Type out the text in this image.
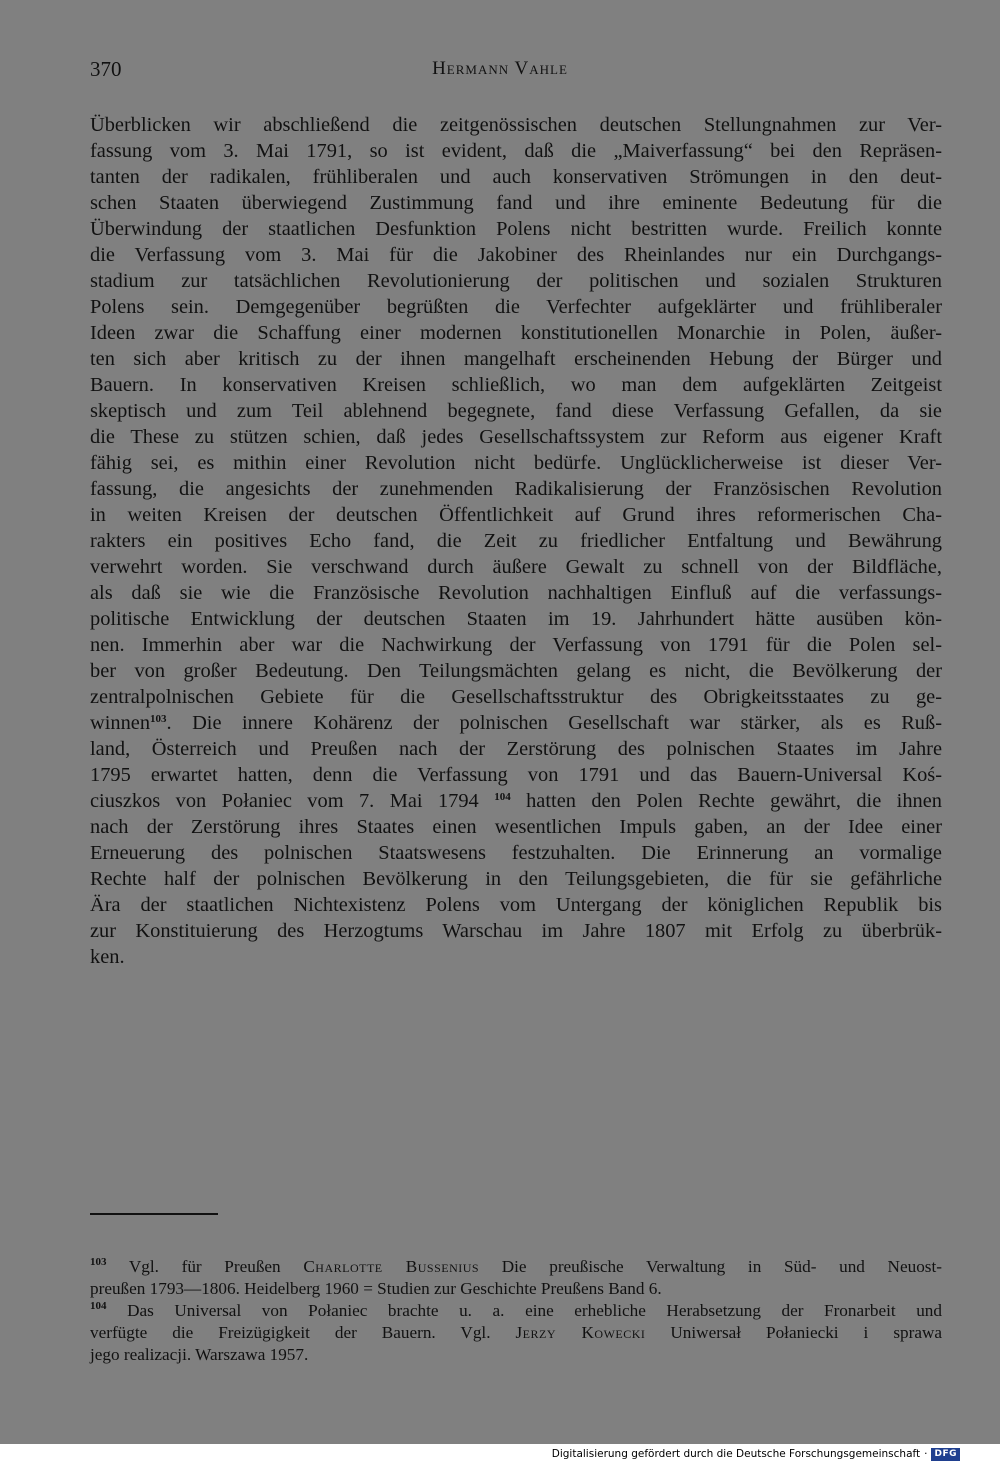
370	Hermann Vahle
Überblicken wir abschließend die zeitgenössischen deutschen Stellungnahmen zur Ver-
fassung vom 3. Mai 1791, so ist evident, daß die „Maiverfassung“ bei den Repräsen-
tanten der radikalen, frühliberalen und auch konservativen Strömungen in den deut-
schen Staaten überwiegend Zustimmung fand und ihre eminente Bedeutung für die
Überwindung der staatlichen Desfunktion Polens nicht bestritten wurde. Freilich konnte
die Verfassung vom 3. Mai für die Jakobiner des Rheinlandes nur ein Durchgangs-
stadium zur tatsächlichen Revolutionierung der politischen und sozialen Strukturen
Polens sein. Demgegenüber begrüßten die Verfechter aufgeklärter und frühliberaler
Ideen zwar die Schaffung einer modernen konstitutionellen Monarchie in Polen, äußer-
ten sich aber kritisch zu der ihnen mangelhaft erscheinenden Hebung der Bürger und
Bauern. In konservativen Kreisen schließlich, wo man dem aufgeklärten Zeitgeist
skeptisch und zum Teil ablehnend begegnete, fand diese Verfassung Gefallen, da sie
die These zu stützen schien, daß jedes Gesellschaftssystem zur Reform aus eigener Kraft
fähig sei, es mithin einer Revolution nicht bedürfe. Unglücklicherweise ist dieser Ver-
fassung, die angesichts der zunehmenden Radikalisierung der Französischen Revolution
in weiten Kreisen der deutschen Öffentlichkeit auf Grund ihres reformerischen Cha-
rakters ein positives Echo fand, die Zeit zu friedlicher Entfaltung und Bewährung
verwehrt worden. Sie verschwand durch äußere Gewalt zu schnell von der Bildfläche,
als daß sie wie die Französische Revolution nachhaltigen Einfluß auf die verfassungs-
politische Entwicklung der deutschen Staaten im 19. Jahrhundert hätte ausüben kön-
nen. Immerhin aber war die Nachwirkung der Verfassung von 1791 für die Polen sel-
ber von großer Bedeutung. Den Teilungsmächten gelang es nicht, die Bevölkerung der
zentralpolnischen Gebiete für die Gesellschaftsstruktur des Obrigkeitsstaates zu ge-
winnen$^{103}$. Die innere Kohärenz der polnischen Gesellschaft war stärker, als es Ruß-
land, Österreich und Preußen nach der Zerstörung des polnischen Staates im Jahre
1795 erwartet hatten, denn die Verfassung von 1791 und das Bauern-Universal Koś-
ciuszkos von Połaniec vom 7. Mai 1794 $^{104}$ hatten den Polen Rechte gewährt, die ihnen
nach der Zerstörung ihres Staates einen wesentlichen Impuls gaben, an der Idee einer
Erneuerung des polnischen Staatswesens festzuhalten. Die Erinnerung an vormalige
Rechte half der polnischen Bevölkerung in den Teilungsgebieten, die für sie gefährliche
Ära der staatlichen Nichtexistenz Polens vom Untergang der königlichen Republik bis
zur Konstituierung des Herzogtums Warschau im Jahre 1807 mit Erfolg zu überbrük-
ken.
$^{103}$ Vgl. für Preußen Charlotte Bussenius Die preußische Verwaltung in Süd- und Neuost-
preußen 1793—1806. Heidelberg 1960 = Studien zur Geschichte Preußens Band 6.
$^{104}$ Das Universal von Połaniec brachte u. a. eine erhebliche Herabsetzung der Fronarbeit und
verfügte die Freizügigkeit der Bauern. Vgl. Jerzy Kowecki Uniwersał Połaniecki i sprawa
jego realizacji. Warszawa 1957.
Digitalisierung gefördert durch die Deutsche Forschungsgemeinschaft · DFG
